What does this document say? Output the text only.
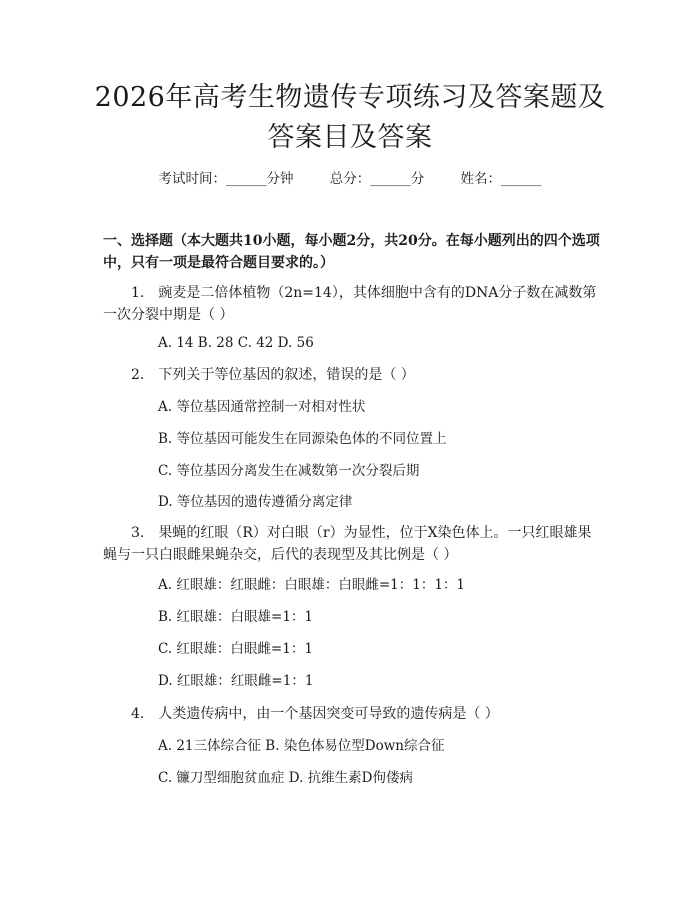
2026年高考生物遗传专项练习及答案题及答案目及答案
考试时间：______分钟	总分：______分	姓名：______
一、选择题（本大题共10小题，每小题2分，共20分。在每小题列出的四个选项中，只有一项是最符合题目要求的。）
1.　豌麦是二倍体植物（2n=14），其体细胞中含有的DNA分子数在减数第一次分裂中期是（ ）
A. 14 B. 28 C. 42 D. 56
2.　下列关于等位基因的叙述，错误的是（ ）
A. 等位基因通常控制一对相对性状
B. 等位基因可能发生在同源染色体的不同位置上
C. 等位基因分离发生在减数第一次分裂后期
D. 等位基因的遗传遵循分离定律
3.　果蝇的红眼（R）对白眼（r）为显性，位于X染色体上。一只红眼雄果蝇与一只白眼雌果蝇杂交，后代的表现型及其比例是（ ）
A. 红眼雄：红眼雌：白眼雄：白眼雌=1：1：1：1
B. 红眼雄：白眼雄=1：1
C. 红眼雄：白眼雌=1：1
D. 红眼雄：红眼雌=1：1
4.　人类遗传病中，由一个基因突变可导致的遗传病是（ ）
A. 21三体综合征 B. 染色体易位型Down综合征
C. 镰刀型细胞贫血症 D. 抗维生素D佝偻病
